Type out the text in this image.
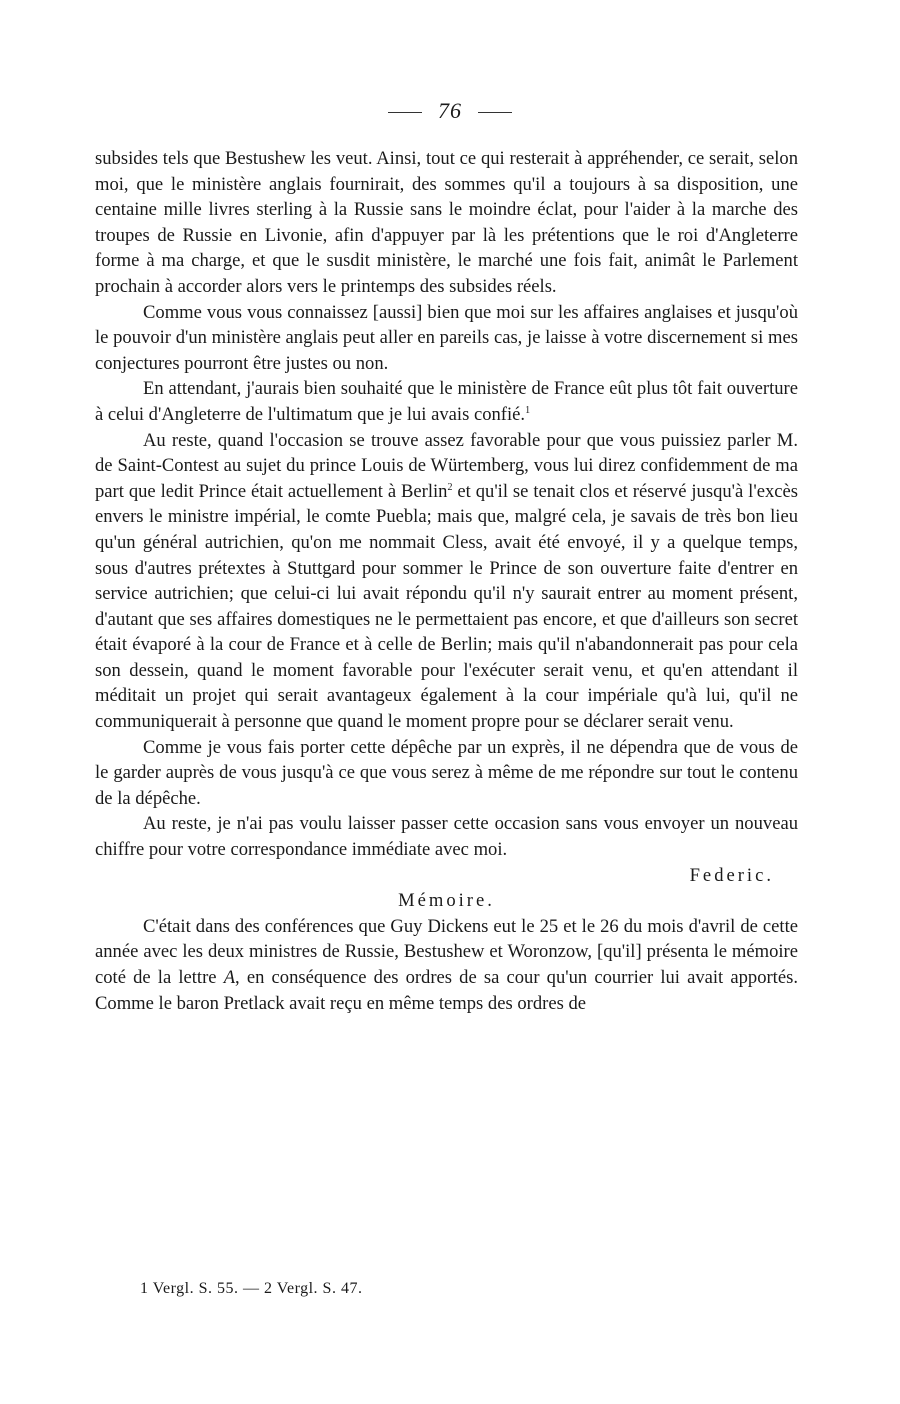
76

subsides tels que Bestushew les veut. Ainsi, tout ce qui resterait à appréhender, ce serait, selon moi, que le ministère anglais fournirait, des sommes qu'il a toujours à sa disposition, une centaine mille livres sterling à la Russie sans le moindre éclat, pour l'aider à la marche des troupes de Russie en Livonie, afin d'appuyer par là les prétentions que le roi d'Angleterre forme à ma charge, et que le susdit ministère, le marché une fois fait, animât le Parlement prochain à accorder alors vers le printemps des subsides réels.

Comme vous vous connaissez [aussi] bien que moi sur les affaires anglaises et jusqu'où le pouvoir d'un ministère anglais peut aller en pareils cas, je laisse à votre discernement si mes conjectures pourront être justes ou non.

En attendant, j'aurais bien souhaité que le ministère de France eût plus tôt fait ouverture à celui d'Angleterre de l'ultimatum que je lui avais confié.$^1$

Au reste, quand l'occasion se trouve assez favorable pour que vous puissiez parler M. de Saint-Contest au sujet du prince Louis de Würtemberg, vous lui direz confidemment de ma part que ledit Prince était actuellement à Berlin$^2$ et qu'il se tenait clos et réservé jusqu'à l'excès envers le ministre impérial, le comte Puebla; mais que, malgré cela, je savais de très bon lieu qu'un général autrichien, qu'on me nommait Cless, avait été envoyé, il y a quelque temps, sous d'autres prétextes à Stuttgard pour sommer le Prince de son ouverture faite d'entrer en service autrichien; que celui-ci lui avait répondu qu'il n'y saurait entrer au moment présent, d'autant que ses affaires domestiques ne le permettaient pas encore, et que d'ailleurs son secret était évaporé à la cour de France et à celle de Berlin; mais qu'il n'abandonnerait pas pour cela son dessein, quand le moment favorable pour l'exécuter serait venu, et qu'en attendant il méditait un projet qui serait avantageux également à la cour impériale qu'à lui, qu'il ne communiquerait à personne que quand le moment propre pour se déclarer serait venu.

Comme je vous fais porter cette dépêche par un exprès, il ne dépendra que de vous de le garder auprès de vous jusqu'à ce que vous serez à même de me répondre sur tout le contenu de la dépêche.

Au reste, je n'ai pas voulu laisser passer cette occasion sans vous envoyer un nouveau chiffre pour votre correspondance immédiate avec moi.

Federic.

Mémoire.

C'était dans des conférences que Guy Dickens eut le 25 et le 26 du mois d'avril de cette année avec les deux ministres de Russie, Bestushew et Woronzow, [qu'il] présenta le mémoire coté de la lettre A, en conséquence des ordres de sa cour qu'un courrier lui avait apportés. Comme le baron Pretlack avait reçu en même temps des ordres de

1 Vergl. S. 55. — 2 Vergl. S. 47.
